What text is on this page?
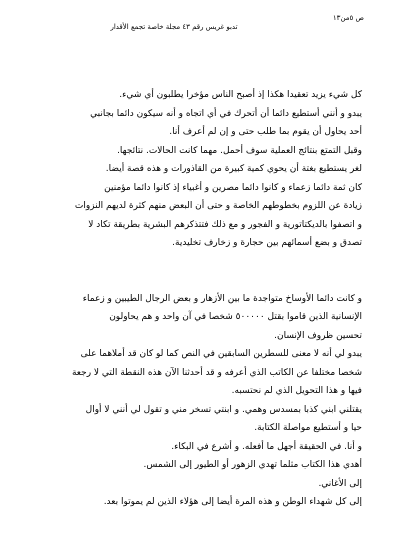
ص ٥من١٣
تدبو غريس رقم ٤٣ مجلة خاصة تجمع الأقدار

كل شيء يزيد تعقيدا هكذا إذ أصبح الناس مؤخرا يطلبون أي شيء.

يبدو و أنني أستطيع دائما أن أتحرك في أي اتجاه و أنه سيكون دائما بجانبي

أحد يحاول أن يقوم بما طلب حتى و إن لم أعرف أنا.

وقبل التمتع بنتائج العملية سوف أحمل. مهما كانت الحالات. نتائجها.

لغر يستطيع بغتة أن يحوي كمية كبيرة من القاذورات و هذه قصة أيضا.

كان ثمة دائما زعماء و كانوا دائما مصرين و أغبياء إذ كانوا دائما مؤمنين

زيادة عن اللزوم بخطوطهم الخاصة و حتى أن البعض منهم كثرة لديهم النزوات

و اتصفوا بالديكتاتورية و الفجور و مع ذلك فتتذكرهم البشرية بطريقة تكاد لا

تصدق و بضع أسمائهم بين حجارة و زخارف تخليدية.

و كانت دائما الأوساخ متواجدة ما بين الأزهار و بعض الرجال الطيبين و زعماء

الإنسانية الذين قاموا بقتل ٥٠٠٠٠٠ شخصا في آن واحد و هم يحاولون

تحسين ظروف الإنسان.

يبدو لي أنه لا معنى للسطرين السابقين في النص كما لو كان قد أملاهما على

شخصا مختلفا عن الكاتب الذي أعرفه و قد أحدثنا الآن هذه النقطة التي لا رجعة

فيها و هذا التحويل الذي لم نحتسبه.

يقتلني ابني كذبا بمسدس وهمي. و ابنتي تسخر مني و تقول لي أنني لا أوال

حيا و أستطيع مواصلة الكتابة.

و أنا. في الحقيقة أجهل ما أفعله. و أشرع في البكاء.

أهدي هذا الكتاب مثلما تهدي الزهور أو الطيور إلى الشمس.

إلى الأغاني.

إلى كل شهداء الوطن و هذه المرة أيضا إلى هؤلاء الذين لم يموتوا بعد.
